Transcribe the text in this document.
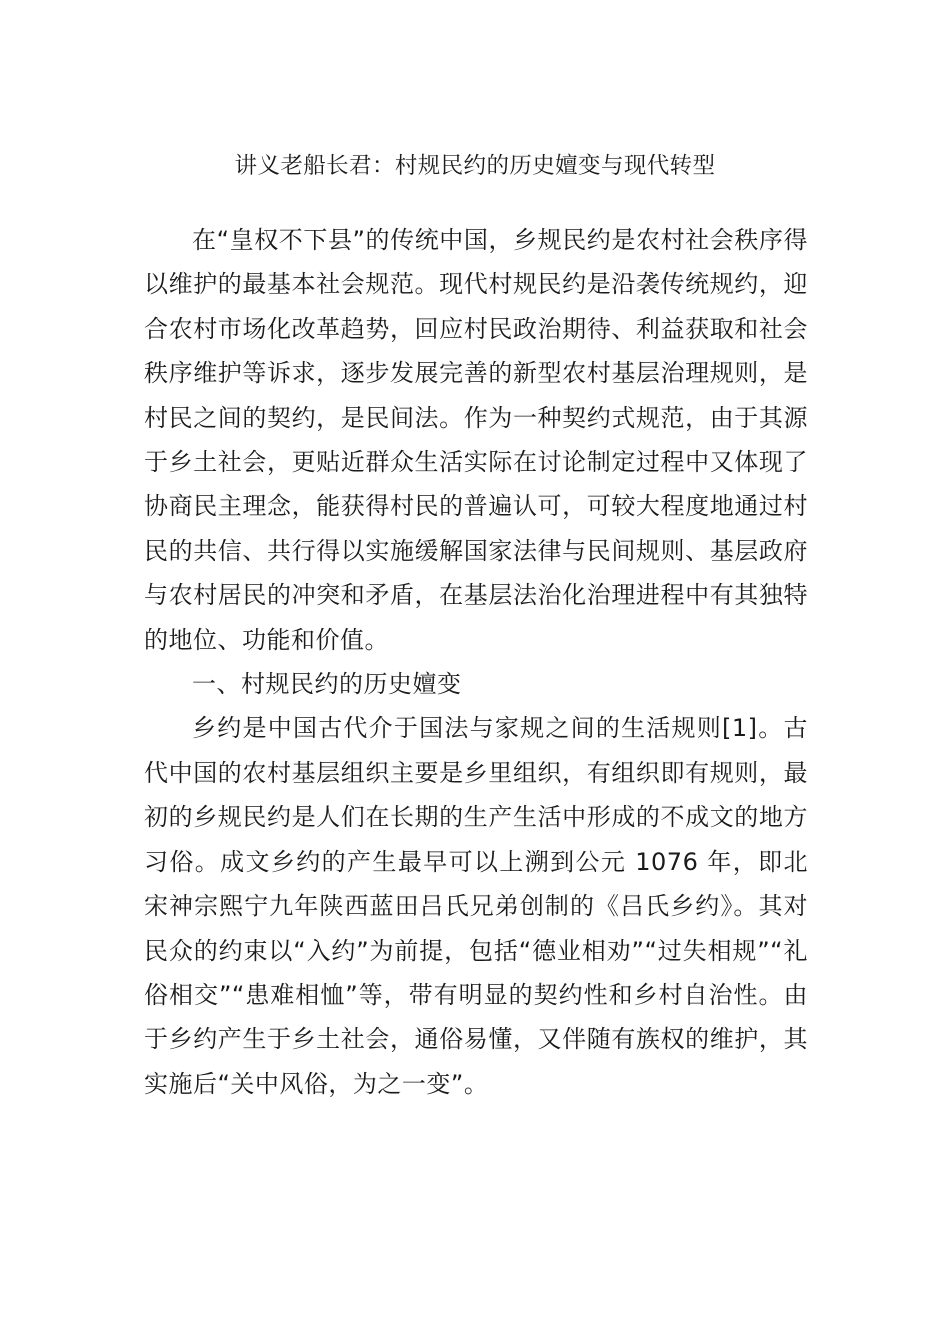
讲义老船长君：村规民约的历史嬗变与现代转型

在“皇权不下县”的传统中国，乡规民约是农村社会秩序得以维护的最基本社会规范。现代村规民约是沿袭传统规约，迎合农村市场化改革趋势，回应村民政治期待、利益获取和社会秩序维护等诉求，逐步发展完善的新型农村基层治理规则，是村民之间的契约，是民间法。作为一种契约式规范，由于其源于乡土社会，更贴近群众生活实际在讨论制定过程中又体现了协商民主理念，能获得村民的普遍认可，可较大程度地通过村民的共信、共行得以实施缓解国家法律与民间规则、基层政府与农村居民的冲突和矛盾，在基层法治化治理进程中有其独特的地位、功能和价值。

一、村规民约的历史嬗变

乡约是中国古代介于国法与家规之间的生活规则[1]。古代中国的农村基层组织主要是乡里组织，有组织即有规则，最初的乡规民约是人们在长期的生产生活中形成的不成文的地方习俗。成文乡约的产生最早可以上溯到公元 1076 年，即北宋神宗熙宁九年陕西蓝田吕氏兄弟创制的《吕氏乡约》。其对民众的约束以“入约”为前提，包括“德业相劝”“过失相规”“礼俗相交”“患难相恤”等，带有明显的契约性和乡村自治性。由于乡约产生于乡土社会，通俗易懂，又伴随有族权的维护，其实施后“关中风俗，为之一变”。
